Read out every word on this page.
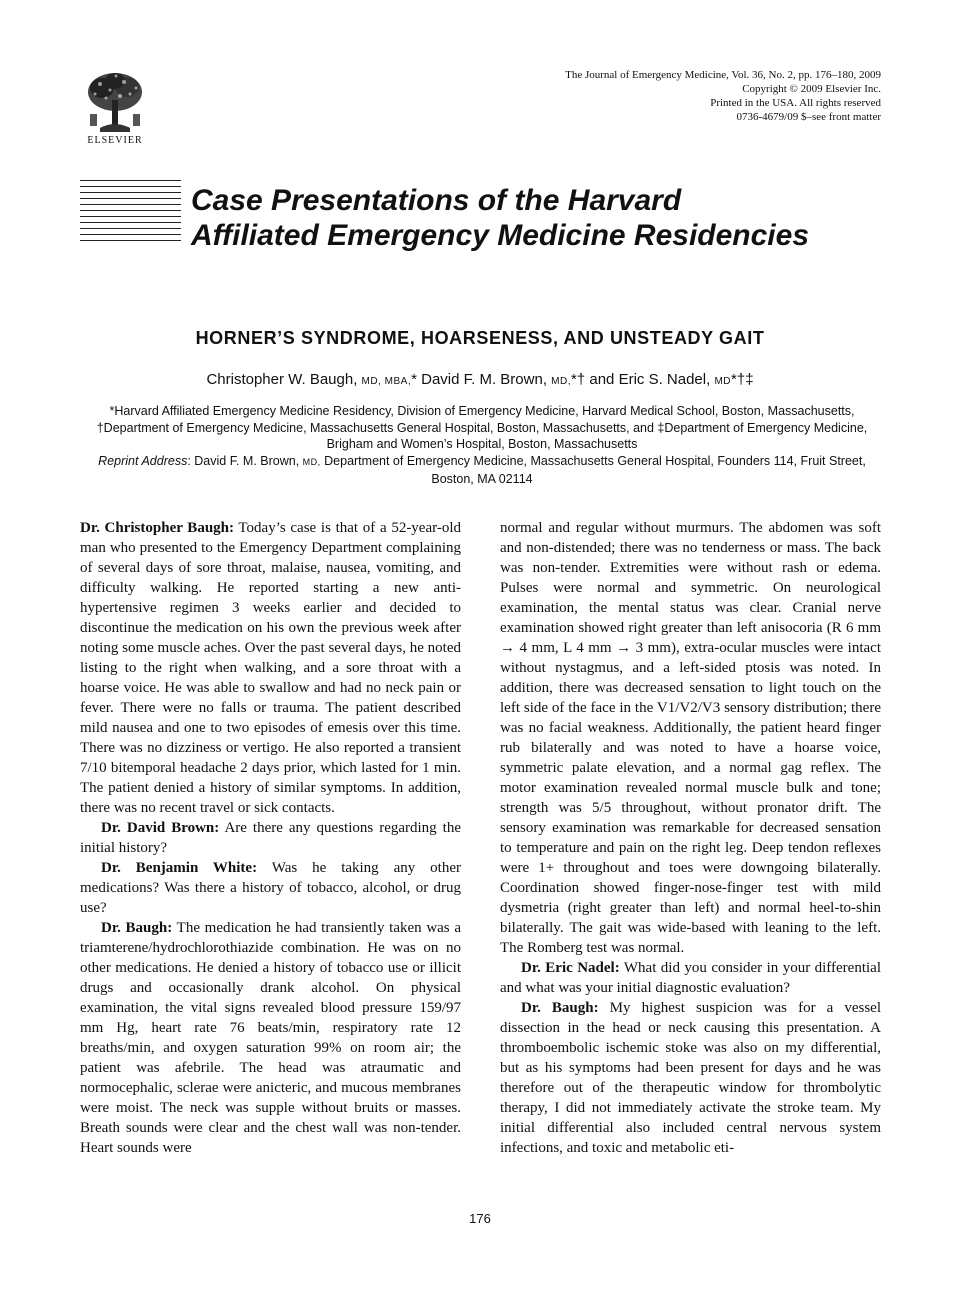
ELSEVIER
The Journal of Emergency Medicine, Vol. 36, No. 2, pp. 176–180, 2009
Copyright © 2009 Elsevier Inc.
Printed in the USA. All rights reserved
0736-4679/09 $–see front matter
Case Presentations of the Harvard
Affiliated Emergency Medicine Residencies
HORNER’S SYNDROME, HOARSENESS, AND UNSTEADY GAIT
Christopher W. Baugh, MD, MBA,* David F. M. Brown, MD,*† and Eric S. Nadel, MD*†‡
*Harvard Affiliated Emergency Medicine Residency, Division of Emergency Medicine, Harvard Medical School, Boston, Massachusetts, †Department of Emergency Medicine, Massachusetts General Hospital, Boston, Massachusetts, and ‡Department of Emergency Medicine, Brigham and Women’s Hospital, Boston, Massachusetts
Reprint Address: David F. M. Brown, MD, Department of Emergency Medicine, Massachusetts General Hospital, Founders 114, Fruit Street, Boston, MA 02114

Dr. Christopher Baugh: Today’s case is that of a 52-year-old man who presented to the Emergency Department complaining of several days of sore throat, malaise, nausea, vomiting, and difficulty walking. He reported starting a new anti-hypertensive regimen 3 weeks earlier and decided to discontinue the medication on his own the previous week after noting some muscle aches. Over the past several days, he noted listing to the right when walking, and a sore throat with a hoarse voice. He was able to swallow and had no neck pain or fever. There were no falls or trauma. The patient described mild nausea and one to two episodes of emesis over this time. There was no dizziness or vertigo. He also reported a transient 7/10 bitemporal headache 2 days prior, which lasted for 1 min. The patient denied a history of similar symptoms. In addition, there was no recent travel or sick contacts.

Dr. David Brown: Are there any questions regarding the initial history?

Dr. Benjamin White: Was he taking any other medications? Was there a history of tobacco, alcohol, or drug use?

Dr. Baugh: The medication he had transiently taken was a triamterene/hydrochlorothiazide combination. He was on no other medications. He denied a history of tobacco use or illicit drugs and occasionally drank alcohol. On physical examination, the vital signs revealed blood pressure 159/97 mm Hg, heart rate 76 beats/min, respiratory rate 12 breaths/min, and oxygen saturation 99% on room air; the patient was afebrile. The head was atraumatic and normocephalic, sclerae were anicteric, and mucous membranes were moist. The neck was supple without bruits or masses. Breath sounds were clear and the chest wall was non-tender. Heart sounds were

normal and regular without murmurs. The abdomen was soft and non-distended; there was no tenderness or mass. The back was non-tender. Extremities were without rash or edema. Pulses were normal and symmetric. On neurological examination, the mental status was clear. Cranial nerve examination showed right greater than left anisocoria (R 6 mm → 4 mm, L 4 mm → 3 mm), extra-ocular muscles were intact without nystagmus, and a left-sided ptosis was noted. In addition, there was decreased sensation to light touch on the left side of the face in the V1/V2/V3 sensory distribution; there was no facial weakness. Additionally, the patient heard finger rub bilaterally and was noted to have a hoarse voice, symmetric palate elevation, and a normal gag reflex. The motor examination revealed normal muscle bulk and tone; strength was 5/5 throughout, without pronator drift. The sensory examination was remarkable for decreased sensation to temperature and pain on the right leg. Deep tendon reflexes were 1+ throughout and toes were downgoing bilaterally. Coordination showed finger-nose-finger test with mild dysmetria (right greater than left) and normal heel-to-shin bilaterally. The gait was wide-based with leaning to the left. The Romberg test was normal.

Dr. Eric Nadel: What did you consider in your differential and what was your initial diagnostic evaluation?

Dr. Baugh: My highest suspicion was for a vessel dissection in the head or neck causing this presentation. A thromboembolic ischemic stoke was also on my differential, but as his symptoms had been present for days and he was therefore out of the therapeutic window for thrombolytic therapy, I did not immediately activate the stroke team. My initial differential also included central nervous system infections, and toxic and metabolic eti-

176
